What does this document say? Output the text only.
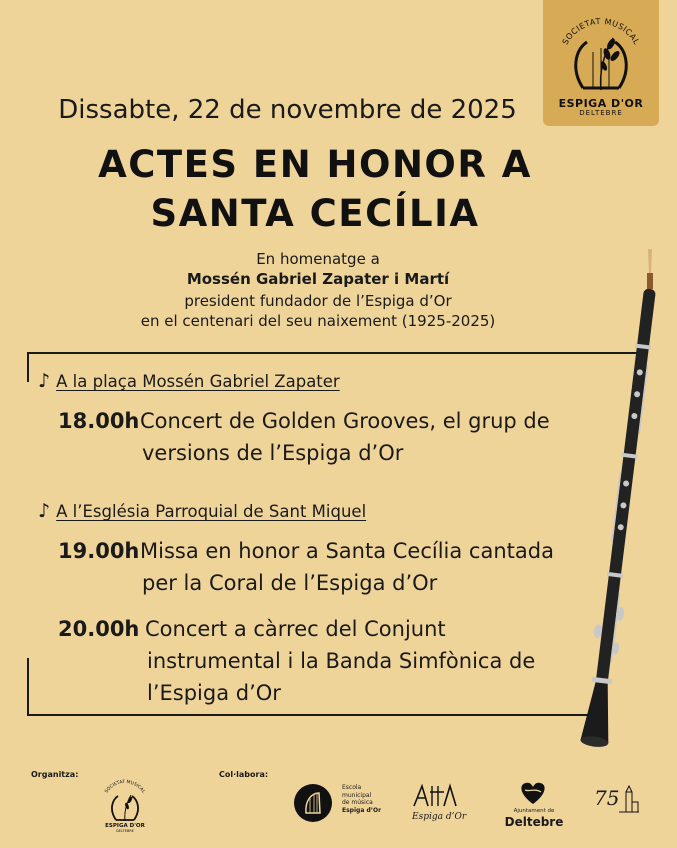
SOCIETAT MUSICAL
ESPIGA D'OR
DELTEBRE
Dissabte, 22 de novembre de 2025
ACTES EN HONOR A
SANTA CECÍLIA
En homenatge a
Mossén Gabriel Zapater i Martí
president fundador de l’Espiga d’Or
en el centenari del seu naixement (1925-2025)
♪ A la plaça Mossén Gabriel Zapater
18.00h Concert de Golden Grooves, el grup de
versions de l’Espiga d’Or
♪ A l’Església Parroquial de Sant Miquel
19.00h Missa en honor a Santa Cecília cantada
per la Coral de l’Espiga d’Or
20.00h Concert a càrrec del Conjunt
instrumental i la Banda Simfònica de
l’Espiga d’Or
Organitza:	Col·labora:
SOCIETAT MUSICAL
ESPIGA D'OR
DELTEBRE
Escola
municipal
de música
Espiga d’Or
Espiga d’Or
Ajuntament de
Deltebre
75
